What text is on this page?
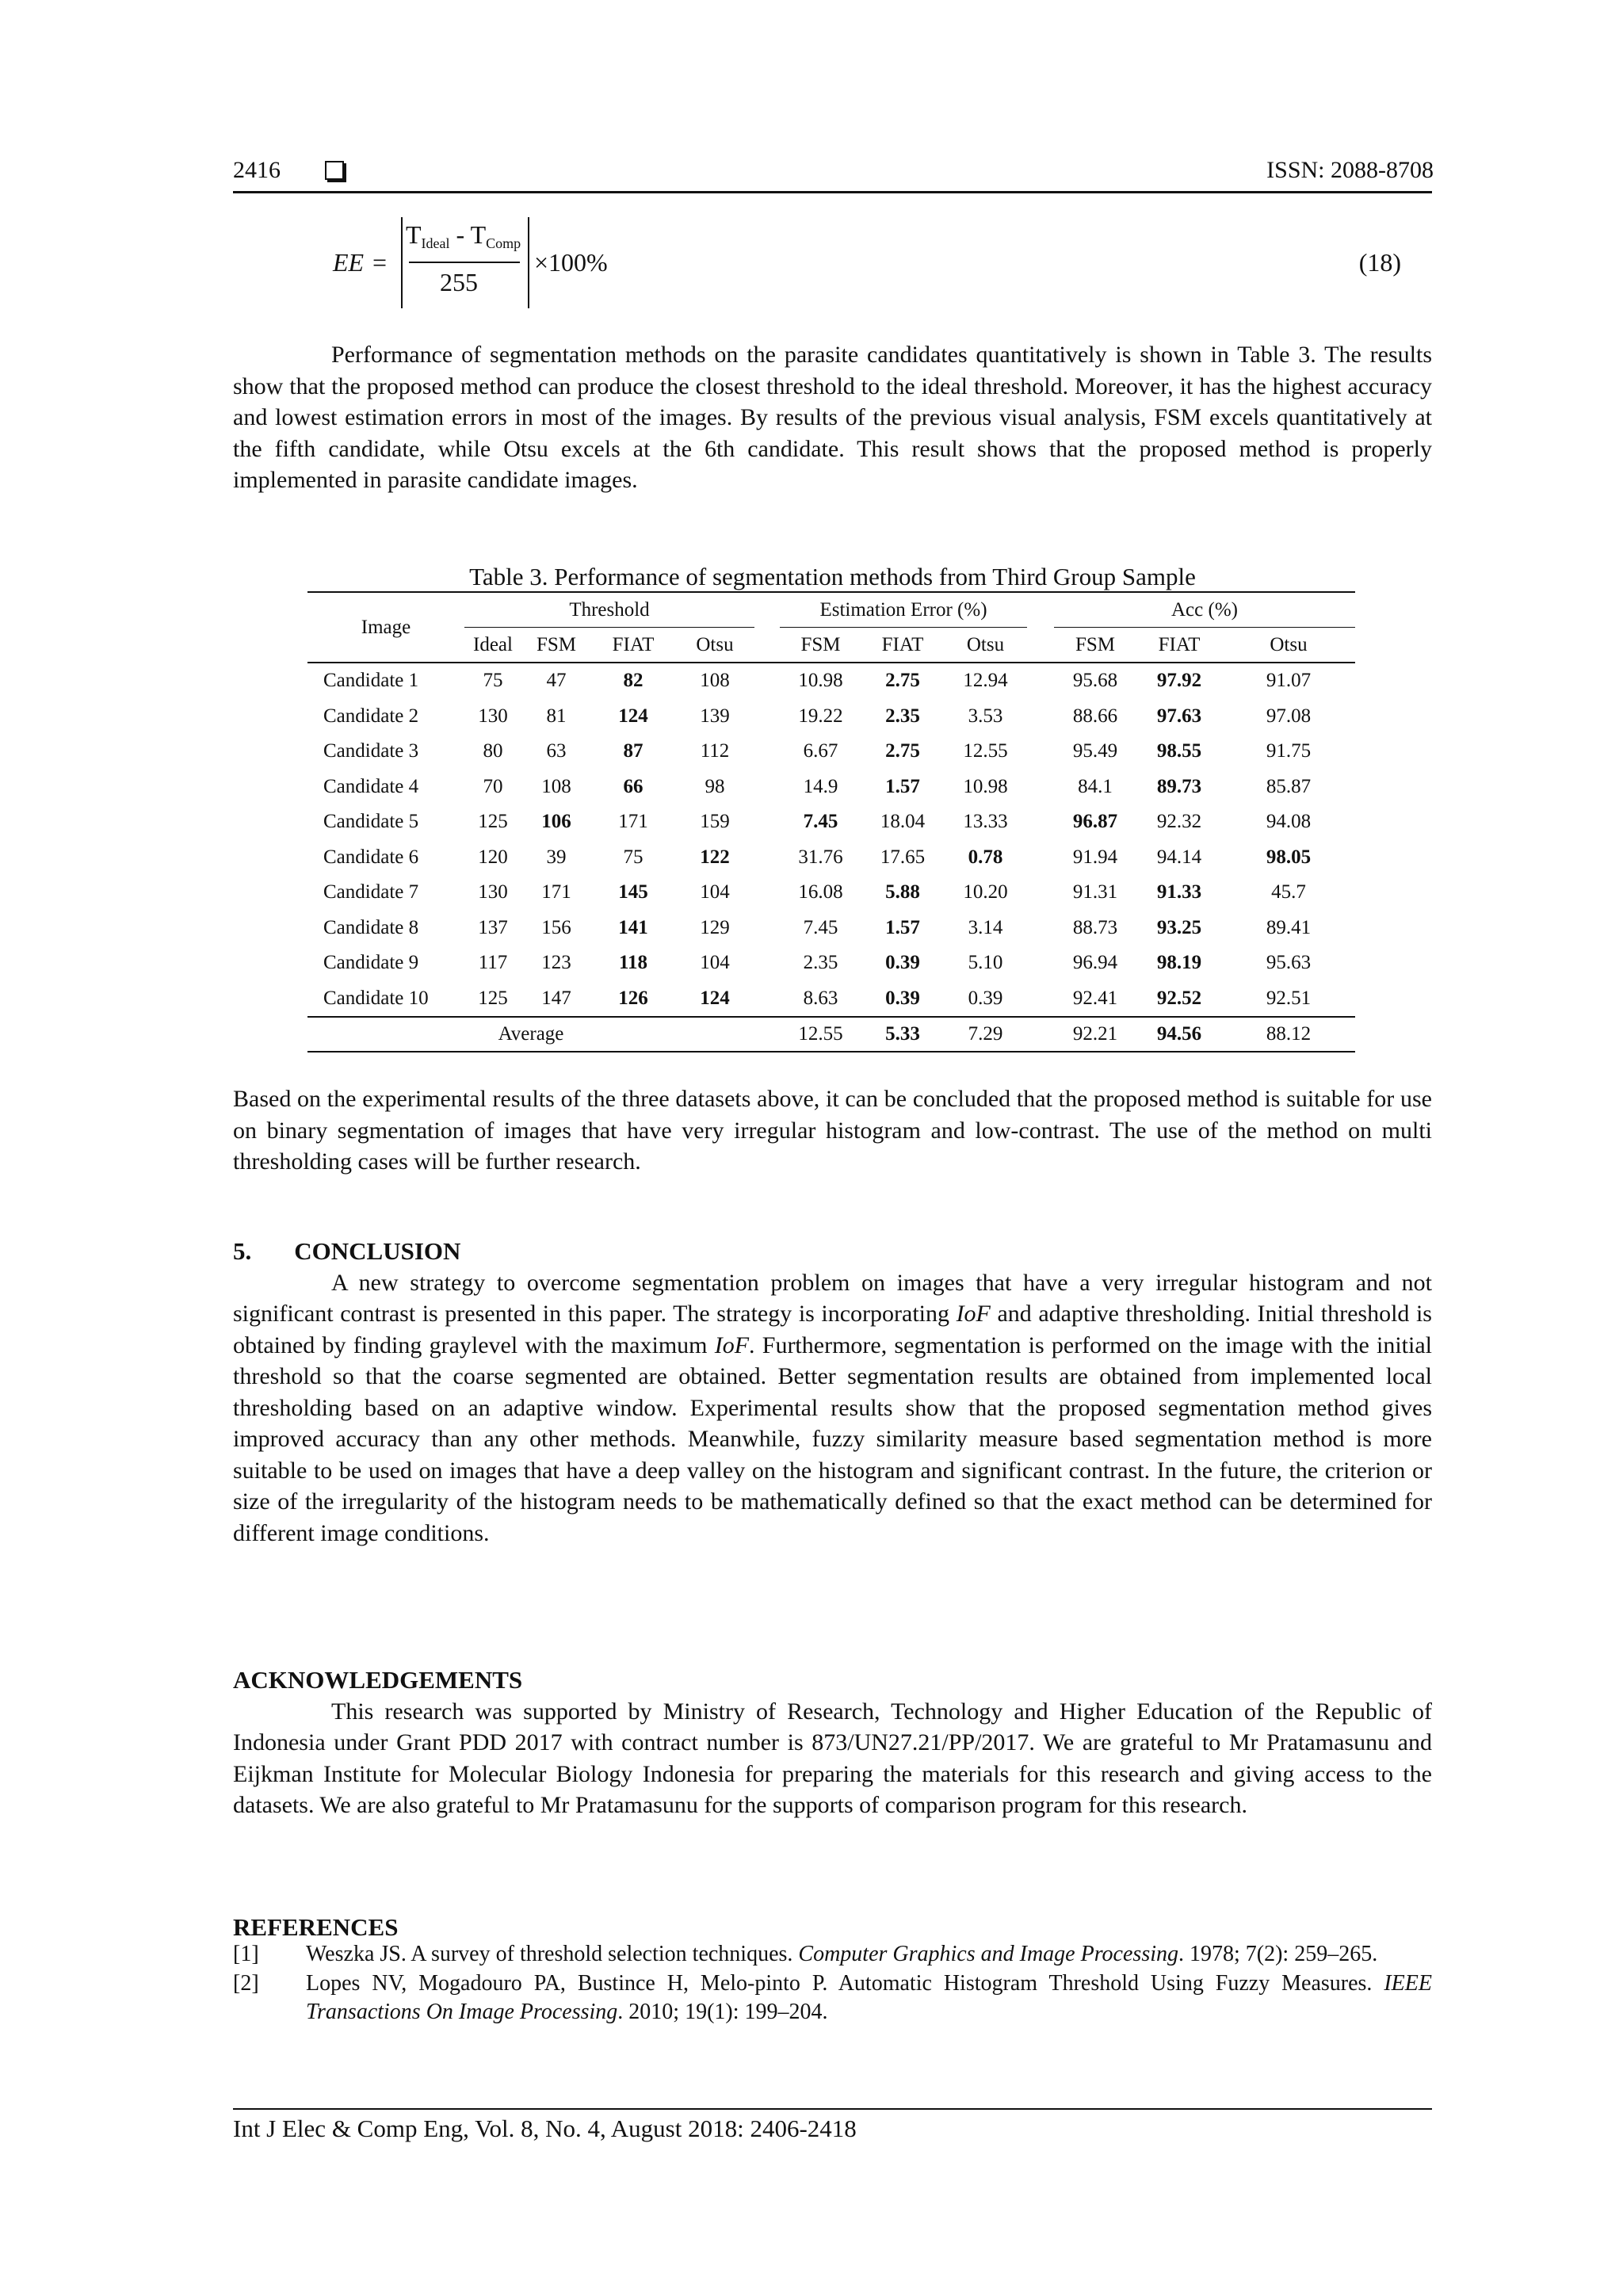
2416	ISSN: 2088-8708
EE =
$T_{Ideal} - T_{Comp}$
255
×100%	(18)

Performance of segmentation methods on the parasite candidates quantitatively is shown in Table 3. The results show that the proposed method can produce the closest threshold to the ideal threshold. Moreover, it has the highest accuracy and lowest estimation errors in most of the images. By results of the previous visual analysis, FSM excels quantitatively at the fifth candidate, while Otsu excels at the 6th candidate. This result shows that the proposed method is properly implemented in parasite candidate images.

Table 3. Performance of segmentation methods from Third Group Sample
Image	Threshold					Estimation Error (%)				Acc (%)		
	Ideal	FSM	FIAT	Otsu		FSM	FIAT	Otsu		FSM	FIAT	Otsu
Candidate 1	75	47	82	108		10.98	2.75	12.94		95.68	97.92	91.07
Candidate 2	130	81	124	139		19.22	2.35	3.53		88.66	97.63	97.08
Candidate 3	80	63	87	112		6.67	2.75	12.55		95.49	98.55	91.75
Candidate 4	70	108	66	98		14.9	1.57	10.98		84.1	89.73	85.87
Candidate 5	125	106	171	159		7.45	18.04	13.33		96.87	92.32	94.08
Candidate 6	120	39	75	122		31.76	17.65	0.78		91.94	94.14	98.05
Candidate 7	130	171	145	104		16.08	5.88	10.20		91.31	91.33	45.7
Candidate 8	137	156	141	129		7.45	1.57	3.14		88.73	93.25	89.41
Candidate 9	117	123	118	104		2.35	0.39	5.10		96.94	98.19	95.63
Candidate 10	125	147	126	124		8.63	0.39	0.39		92.41	92.52	92.51
Average						12.55	5.33	7.29		92.21	94.56	88.12

Based on the experimental results of the three datasets above, it can be concluded that the proposed method is suitable for use on binary segmentation of images that have very irregular histogram and low-contrast. The use of the method on multi thresholding cases will be further research.

5. CONCLUSION

A new strategy to overcome segmentation problem on images that have a very irregular histogram and not significant contrast is presented in this paper. The strategy is incorporating IoF and adaptive thresholding. Initial threshold is obtained by finding graylevel with the maximum IoF. Furthermore, segmentation is performed on the image with the initial threshold so that the coarse segmented are obtained. Better segmentation results are obtained from implemented local thresholding based on an adaptive window. Experimental results show that the proposed segmentation method gives improved accuracy than any other methods. Meanwhile, fuzzy similarity measure based segmentation method is more suitable to be used on images that have a deep valley on the histogram and significant contrast. In the future, the criterion or size of the irregularity of the histogram needs to be mathematically defined so that the exact method can be determined for different image conditions.

ACKNOWLEDGEMENTS

This research was supported by Ministry of Research, Technology and Higher Education of the Republic of Indonesia under Grant PDD 2017 with contract number is 873/UN27.21/PP/2017. We are grateful to Mr Pratamasunu and Eijkman Institute for Molecular Biology Indonesia for preparing the materials for this research and giving access to the datasets. We are also grateful to Mr Pratamasunu for the supports of comparison program for this research.

REFERENCES
[1] Weszka JS. A survey of threshold selection techniques. Computer Graphics and Image Processing. 1978; 7(2): 259–265.
[2] Lopes NV, Mogadouro PA, Bustince H, Melo-pinto P. Automatic Histogram Threshold Using Fuzzy Measures. IEEE Transactions On Image Processing. 2010; 19(1): 199–204.
Int J Elec & Comp Eng, Vol. 8, No. 4, August 2018: 2406-2418
